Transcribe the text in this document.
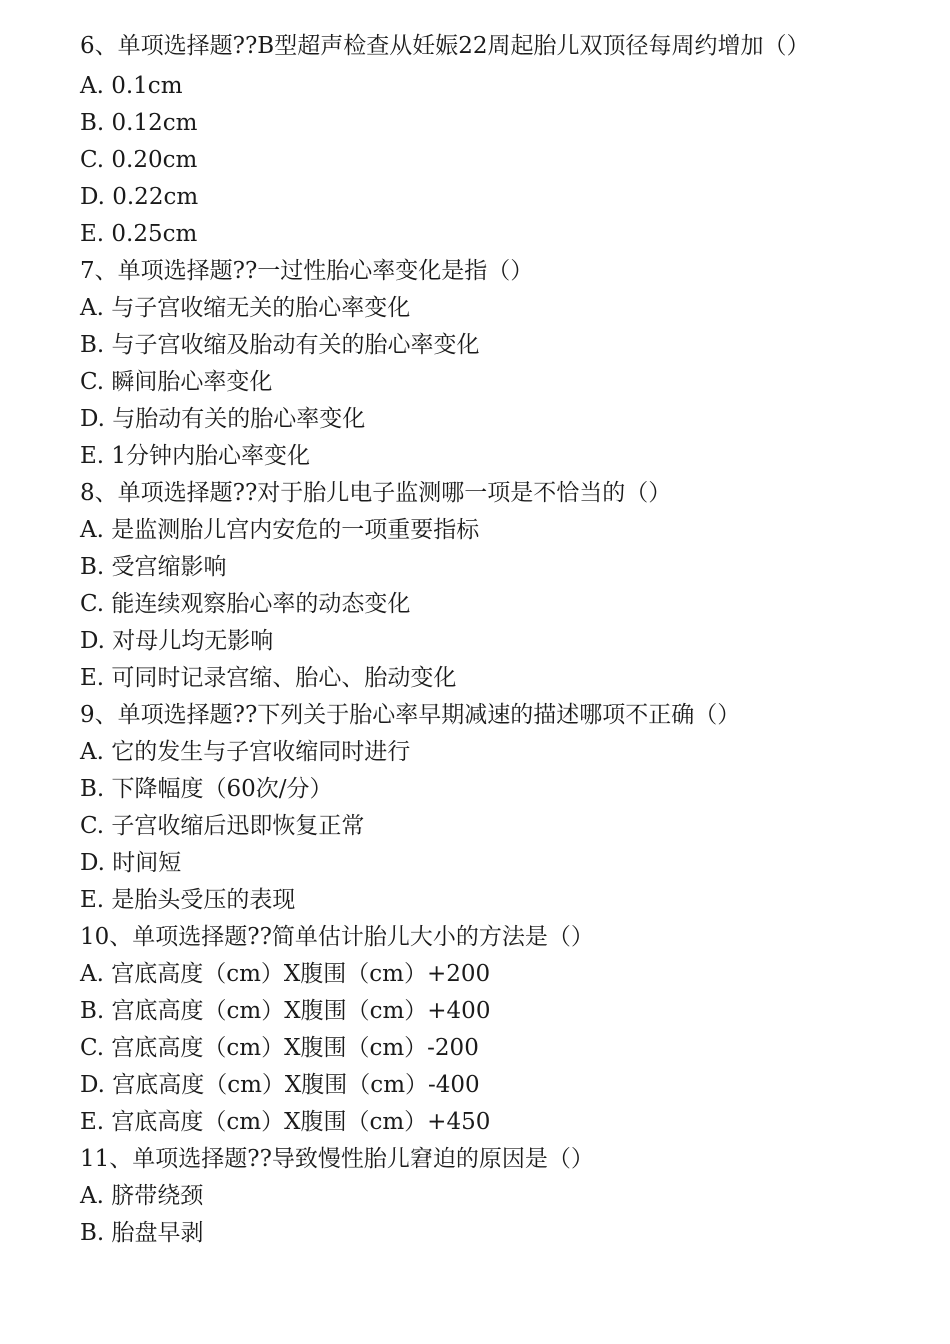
6、单项选择题??B型超声检查从妊娠22周起胎儿双顶径每周约增加（）

A. 0.1cm

B. 0.12cm

C. 0.20cm

D. 0.22cm

E. 0.25cm

7、单项选择题??一过性胎心率变化是指（）

A. 与子宫收缩无关的胎心率变化

B. 与子宫收缩及胎动有关的胎心率变化

C. 瞬间胎心率变化

D. 与胎动有关的胎心率变化

E. 1分钟内胎心率变化

8、单项选择题??对于胎儿电子监测哪一项是不恰当的（）

A. 是监测胎儿宫内安危的一项重要指标

B. 受宫缩影响

C. 能连续观察胎心率的动态变化

D. 对母儿均无影响

E. 可同时记录宫缩、胎心、胎动变化

9、单项选择题??下列关于胎心率早期减速的描述哪项不正确（）

A. 它的发生与子宫收缩同时进行

B. 下降幅度（60次/分）

C. 子宫收缩后迅即恢复正常

D. 时间短

E. 是胎头受压的表现

10、单项选择题??简单估计胎儿大小的方法是（）

A. 宫底高度（cm）X腹围（cm）+200

B. 宫底高度（cm）X腹围（cm）+400

C. 宫底高度（cm）X腹围（cm）-200

D. 宫底高度（cm）X腹围（cm）-400

E. 宫底高度（cm）X腹围（cm）+450

11、单项选择题??导致慢性胎儿窘迫的原因是（）

A. 脐带绕颈

B. 胎盘早剥
